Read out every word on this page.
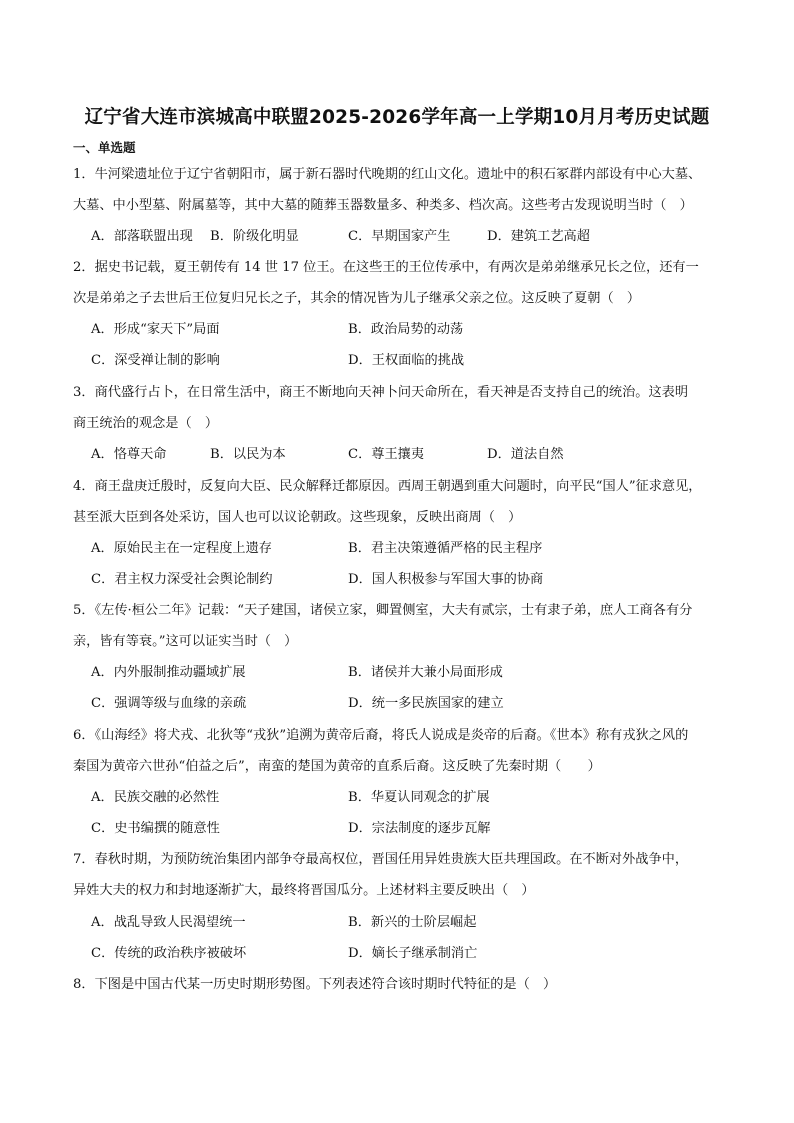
辽宁省大连市滨城高中联盟2025-2026学年高一上学期10月月考历史试题
一、单选题
1．牛河梁遗址位于辽宁省朝阳市，属于新石器时代晚期的红山文化。遗址中的积石冢群内部设有中心大墓、
大墓、中小型墓、附属墓等，其中大墓的随葬玉器数量多、种类多、档次高。这些考古发现说明当时（　）
A．部落联盟出现 B．阶级化明显	C．早期国家产生	D．建筑工艺高超
2．据史书记载，夏王朝传有 14 世 17 位王。在这些王的王位传承中，有两次是弟弟继承兄长之位，还有一
次是弟弟之子去世后王位复归兄长之子，其余的情况皆为儿子继承父亲之位。这反映了夏朝（　）
A．形成“家天下”局面	B．政治局势的动荡
C．深受禅让制的影响	D．王权面临的挑战
3．商代盛行占卜，在日常生活中，商王不断地向天神卜问天命所在，看天神是否支持自己的统治。这表明
商王统治的观念是（　）
A．恪尊天命	B．以民为本	C．尊王攘夷	D．道法自然
4．商王盘庚迁殷时，反复向大臣、民众解释迁都原因。西周王朝遇到重大问题时，向平民“国人”征求意见，
甚至派大臣到各处采访，国人也可以议论朝政。这些现象，反映出商周（　）
A．原始民主在一定程度上遗存	B．君主决策遵循严格的民主程序
C．君主权力深受社会舆论制约	D．国人积极参与军国大事的协商
5．《左传·桓公二年》记载：“天子建国，诸侯立家，卿置侧室，大夫有贰宗，士有隶子弟，庶人工商各有分
亲，皆有等衰。”这可以证实当时（　）
A．内外服制推动疆域扩展	B．诸侯并大兼小局面形成
C．强调等级与血缘的亲疏	D．统一多民族国家的建立
6．《山海经》将犬戎、北狄等“戎狄”追溯为黄帝后裔，将氏人说成是炎帝的后裔。《世本》称有戎狄之风的
秦国为黄帝六世孙“伯益之后”，南蛮的楚国为黄帝的直系后裔。这反映了先秦时期（　　）
A．民族交融的必然性	B．华夏认同观念的扩展
C．史书编撰的随意性	D．宗法制度的逐步瓦解
7．春秋时期，为预防统治集团内部争夺最高权位，晋国任用异姓贵族大臣共理国政。在不断对外战争中，
异姓大夫的权力和封地逐渐扩大，最终将晋国瓜分。上述材料主要反映出（　）
A．战乱导致人民渴望统一	B．新兴的士阶层崛起
C．传统的政治秩序被破坏	D．嫡长子继承制消亡
8．下图是中国古代某一历史时期形势图。下列表述符合该时期时代特征的是（　）
